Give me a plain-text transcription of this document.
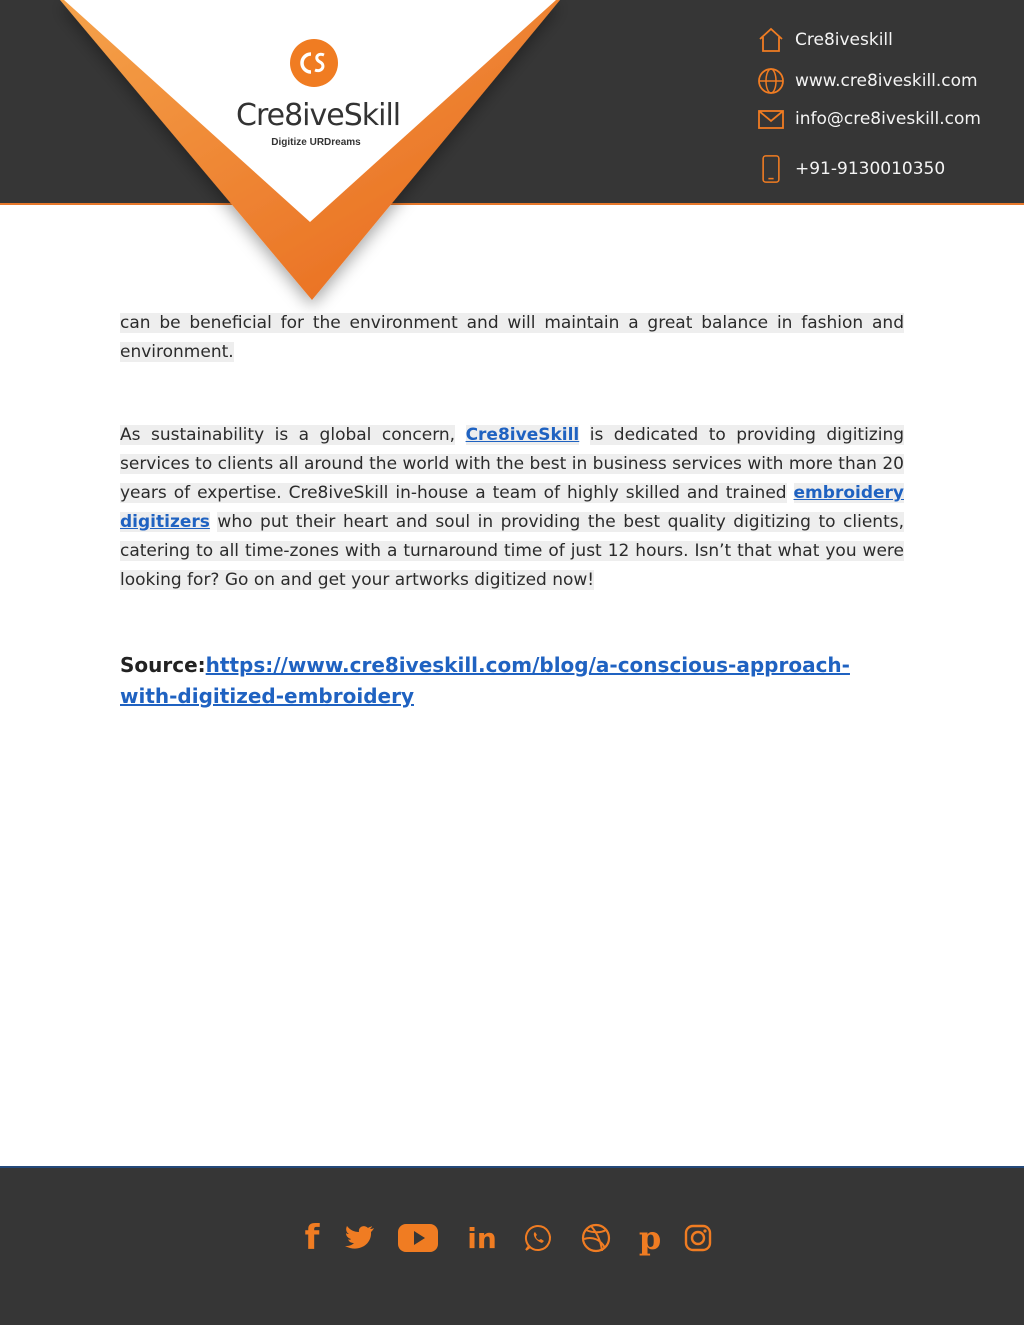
Cre8iveSkill
Digitize URDreams
Cre8iveskill
www.cre8iveskill.com
info@cre8iveskill.com
+91-9130010350
can be beneficial for the environment and will maintain a great balance in fashion and environment.
As sustainability is a global concern, Cre8iveSkill is dedicated to providing digitizing services to clients all around the world with the best in business services with more than 20 years of expertise. Cre8iveSkill in-house a team of highly skilled and trained embroidery digitizers who put their heart and soul in providing the best quality digitizing to clients, catering to all time-zones with a turnaround time of just 12 hours. Isn’t that what you were looking for? Go on and get your artworks digitized now!
Source:https://www.cre8iveskill.com/blog/a-conscious-approach-with-digitized-embroidery
f	in	p
